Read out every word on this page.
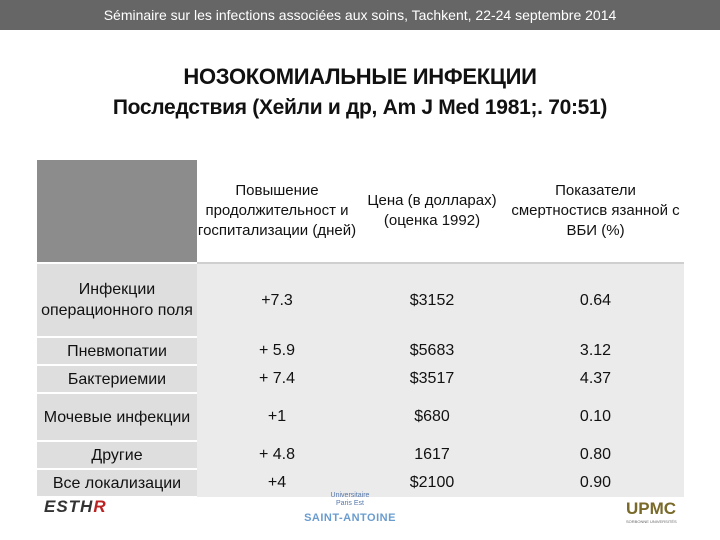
Séminaire sur les infections associées aux soins, Tachkent, 22-24 septembre 2014
НОЗОКОМИАЛЬНЫЕ ИНФЕКЦИИ
Последствия (Хейли и др, Am J Med 1981;. 70:51)
	Повышение продолжительност и госпитализации (дней)	Цена (в долларах) (оценка 1992)	Показатели смертностисв язанной с ВБИ (%)
Инфекции операционного поля	+7.3	$3152	0.64
Пневмопатии	+ 5.9	$5683	3.12
Бактериемии	+ 7.4	$3517	4.37
Мочевые инфекции	+1	$680	0.10
Другие	+ 4.8	1617	0.80
Все локализации	+4	$2100	0.90
ESTHR
Universitaire
Paris Est
SAINT-ANTOINE	UPMC
SORBONNE UNIVERSITÉS
